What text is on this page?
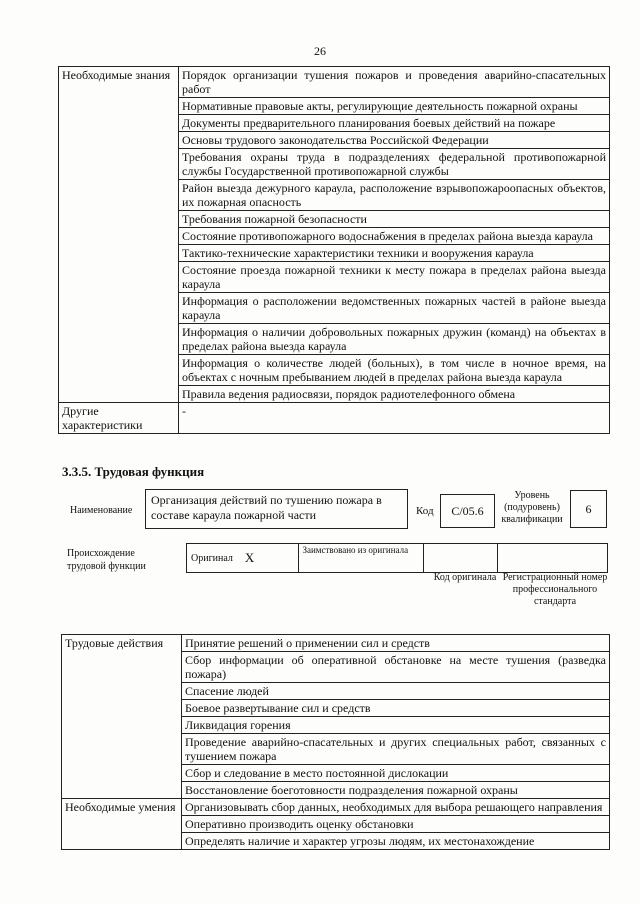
26
Необходимые знания	Порядок организации тушения пожаров и проведения аварийно-спасательных работ
	Нормативные правовые акты, регулирующие деятельность пожарной охраны
	Документы предварительного планирования боевых действий на пожаре
	Основы трудового законодательства Российской Федерации
	Требования охраны труда в подразделениях федеральной противопожарной службы Государственной противопожарной службы
	Район выезда дежурного караула, расположение взрывопожароопасных объектов, их пожарная опасность
	Требования пожарной безопасности
	Состояние противопожарного водоснабжения в пределах района выезда караула
	Тактико-технические характеристики техники и вооружения караула
	Состояние проезда пожарной техники к месту пожара в пределах района выезда караула
	Информация о расположении ведомственных пожарных частей в районе выезда караула
	Информация о наличии добровольных пожарных дружин (команд) на объектах в пределах района выезда караула
	Информация о количестве людей (больных), в том числе в ночное время, на объектах с ночным пребыванием людей в пределах района выезда караула
	Правила ведения радиосвязи, порядок радиотелефонного обмена
Другие характеристики	-
3.3.5. Трудовая функция
Наименование
Организация действий по тушению пожара в составе караула пожарной части	Код	С/05.6
Уровень (подуровень) квалификации
6
Происхождение трудовой функции
Оригинал X	Заимствовано из оригинала
Код оригинала Регистрационный номер профессионального стандарта
Трудовые действия	Принятие решений о применении сил и средств
	Сбор информации об оперативной обстановке на месте тушения (разведка пожара)
	Спасение людей
	Боевое развертывание сил и средств
	Ликвидация горения
	Проведение аварийно-спасательных и других специальных работ, связанных с тушением пожара
	Сбор и следование в место постоянной дислокации
	Восстановление боеготовности подразделения пожарной охраны
Необходимые умения	Организовывать сбор данных, необходимых для выбора решающего направления
	Оперативно производить оценку обстановки
	Определять наличие и характер угрозы людям, их местонахождение
